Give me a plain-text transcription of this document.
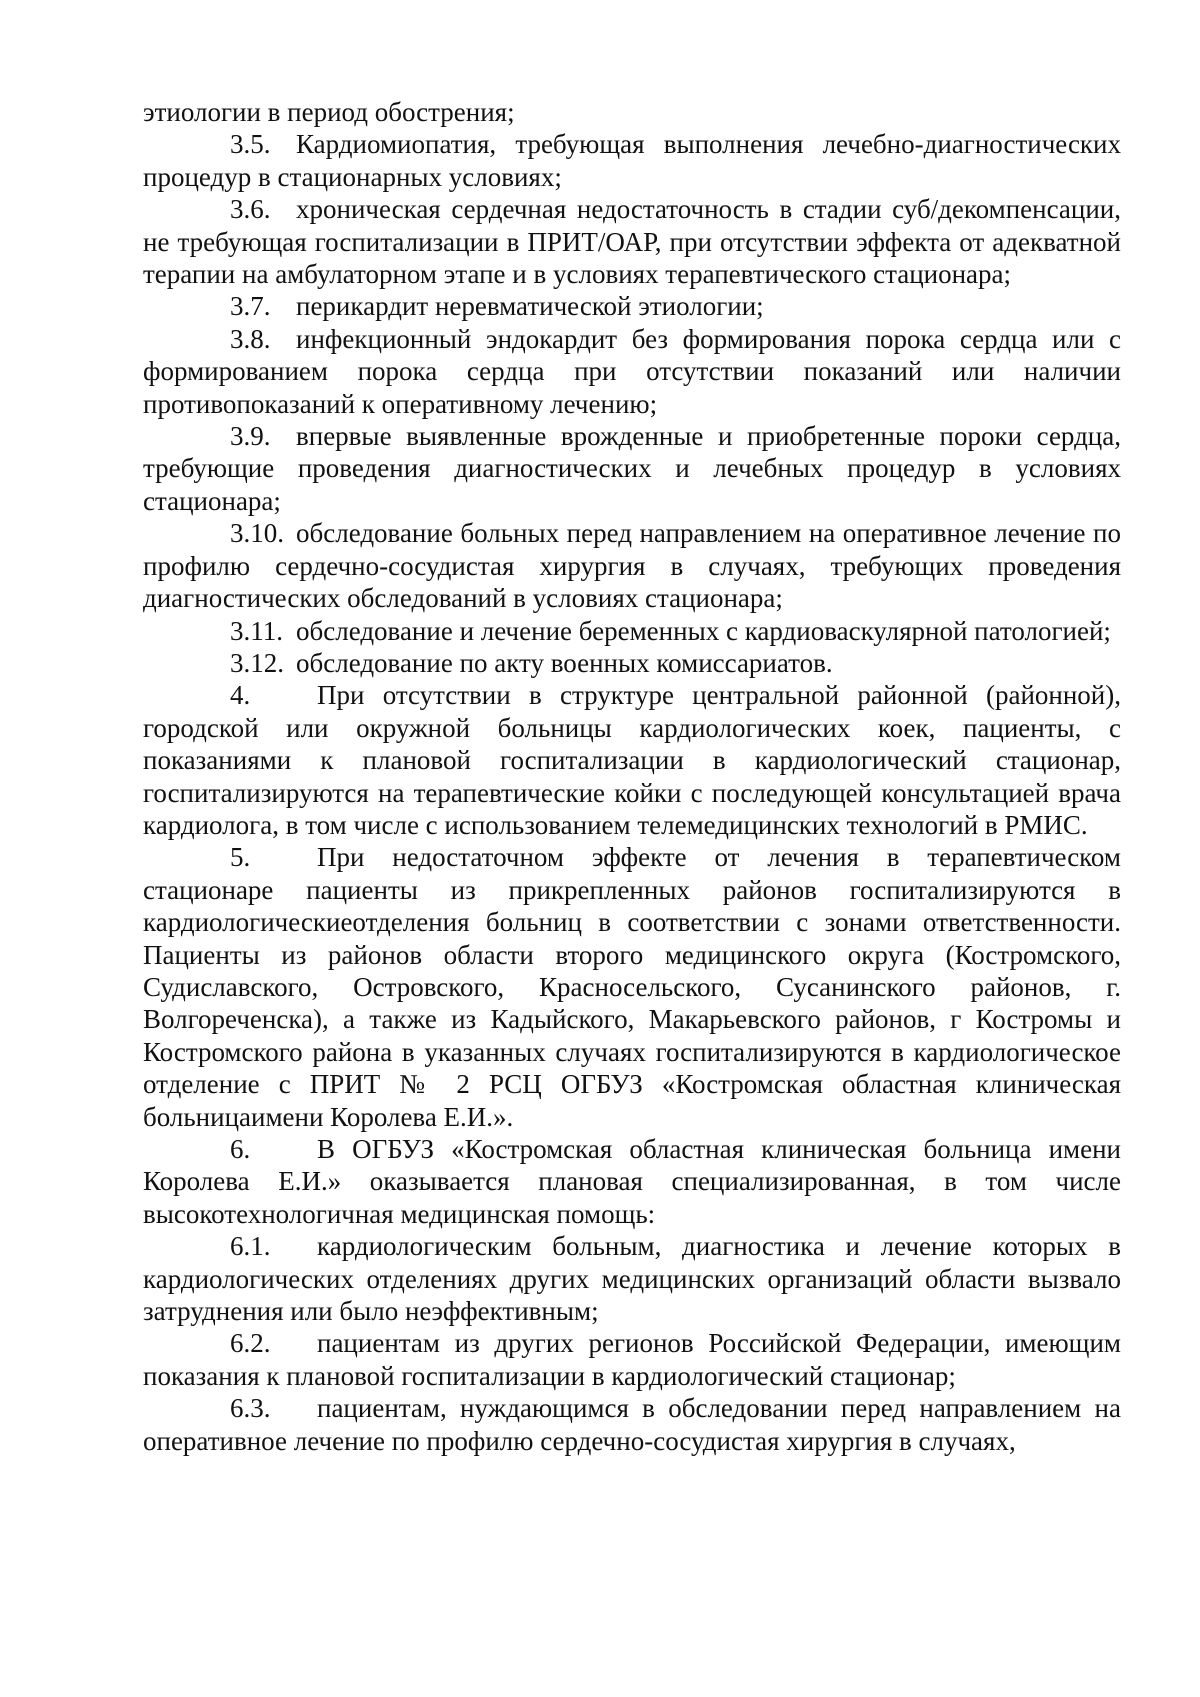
этиологии в период обострения;

3.5. Кардиомиопатия, требующая выполнения лечебно-диагностических процедур в стационарных условиях;

3.6. хроническая сердечная недостаточность в стадии суб/декомпенсации, не требующая госпитализации в ПРИТ/ОАР, при отсутствии эффекта от адекватной терапии на амбулаторном этапе и в условиях терапевтического стационара;

3.7. перикардит неревматической этиологии;

3.8. инфекционный эндокардит без формирования порока сердца или с формированием порока сердца при отсутствии показаний или наличии противопоказаний к оперативному лечению;

3.9. впервые выявленные врожденные и приобретенные пороки сердца, требующие проведения диагностических и лечебных процедур в условиях стационара;

3.10. обследование больных перед направлением на оперативное лечение по профилю сердечно-сосудистая хирургия в случаях, требующих проведения диагностических обследований в условиях стационара;

3.11. обследование и лечение беременных с кардиоваскулярной патологией;

3.12. обследование по акту военных комиссариатов.

4. При отсутствии в структуре центральной районной (районной), городской или окружной больницы кардиологических коек, пациенты, с показаниями к плановой госпитализации в кардиологический стационар, госпитализируются на терапевтические койки с последующей консультацией врача кардиолога, в том числе с использованием телемедицинских технологий в РМИС.

5. При недостаточном эффекте от лечения в терапевтическом стационаре пациенты из прикрепленных районов госпитализируются в кардиологическиеотделения больниц в соответствии с зонами ответственности. Пациенты из районов области второго медицинского округа (Костромского, Судиславского, Островского, Красносельского, Сусанинского районов, г. Волгореченска), а также из Кадыйского, Макарьевского районов, г Костромы и Костромского района в указанных случаях госпитализируются в кардиологическое отделение с ПРИТ № 2 РСЦ ОГБУЗ «Костромская областная клиническая больницаимени Королева Е.И.».

6. В ОГБУЗ «Костромская областная клиническая больница имени Королева Е.И.» оказывается плановая специализированная, в том числе высокотехнологичная медицинская помощь:

6.1. кардиологическим больным, диагностика и лечение которых в кардиологических отделениях других медицинских организаций области вызвало затруднения или было неэффективным;

6.2. пациентам из других регионов Российской Федерации, имеющим показания к плановой госпитализации в кардиологический стационар;

6.3. пациентам, нуждающимся в обследовании перед направлением на оперативное лечение по профилю сердечно-сосудистая хирургия в случаях,
